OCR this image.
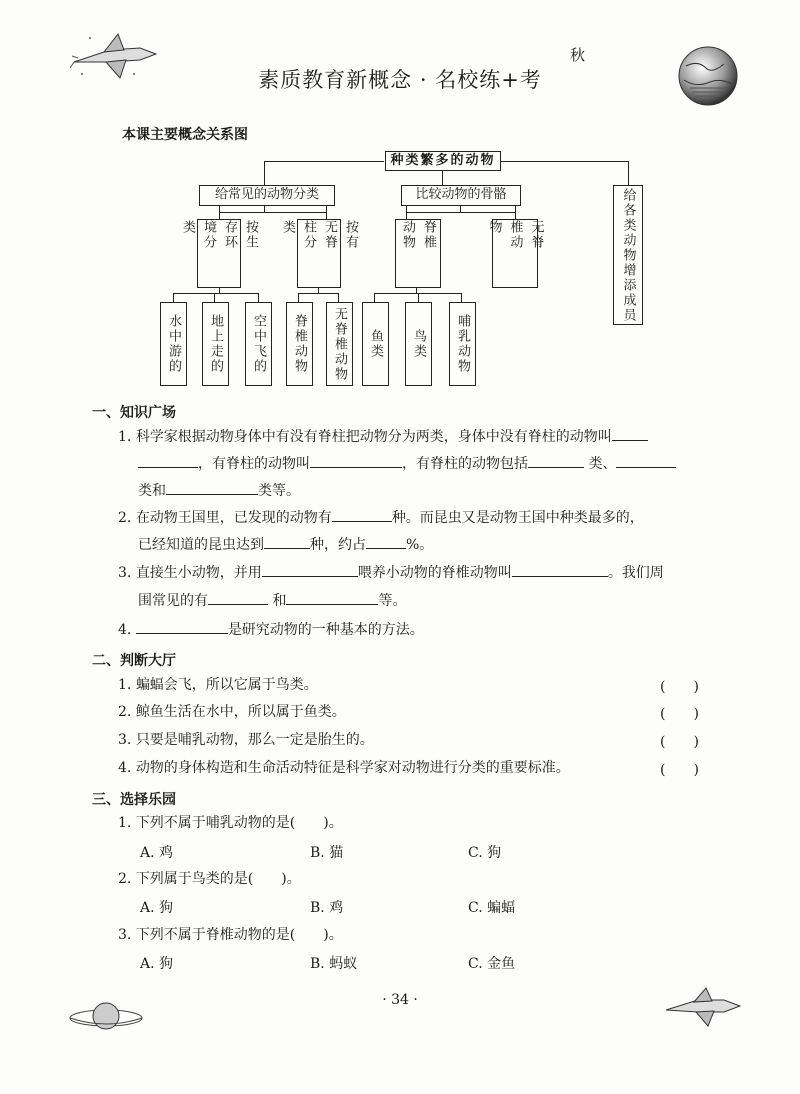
素质教育新概念 · 名校练+考
秋
本课主要概念关系图
种类繁多的动物
给常见的动物分类	比较动物的骨骼	给各类动物增添成员
按生
存环
境分
类	按有
无脊
柱分
类	脊椎
动物	无脊
椎动
物
水中游的	地上走的	空中飞的	脊椎动物	无脊椎动物	鱼类	鸟类	哺乳动物
一、知识广场
1. 科学家根据动物身体中有没有脊柱把动物分为两类，身体中没有脊柱的动物叫
，有脊柱的动物叫	，有脊柱的动物包括	类、
类和	类等。
2. 在动物王国里，已发现的动物有	种。而昆虫又是动物王国中种类最多的，
已经知道的昆虫达到	种，约占	%。
3. 直接生小动物，并用	喂养小动物的脊椎动物叫	。我们周
围常见的有	和	等。
4.	是研究动物的一种基本的方法。
二、判断大厅
1. 蝙蝠会飞，所以它属于鸟类。	(　　)
2. 鲸鱼生活在水中，所以属于鱼类。	(　　)
3. 只要是哺乳动物，那么一定是胎生的。	(　　)
4. 动物的身体构造和生命活动特征是科学家对动物进行分类的重要标准。	(　　)
三、选择乐园
1. 下列不属于哺乳动物的是(　　)。
A. 鸡	B. 猫	C. 狗
2. 下列属于鸟类的是(　　)。
A. 狗	B. 鸡	C. 蝙蝠
3. 下列不属于脊椎动物的是(　　)。
A. 狗	B. 蚂蚁	C. 金鱼
· 34 ·
